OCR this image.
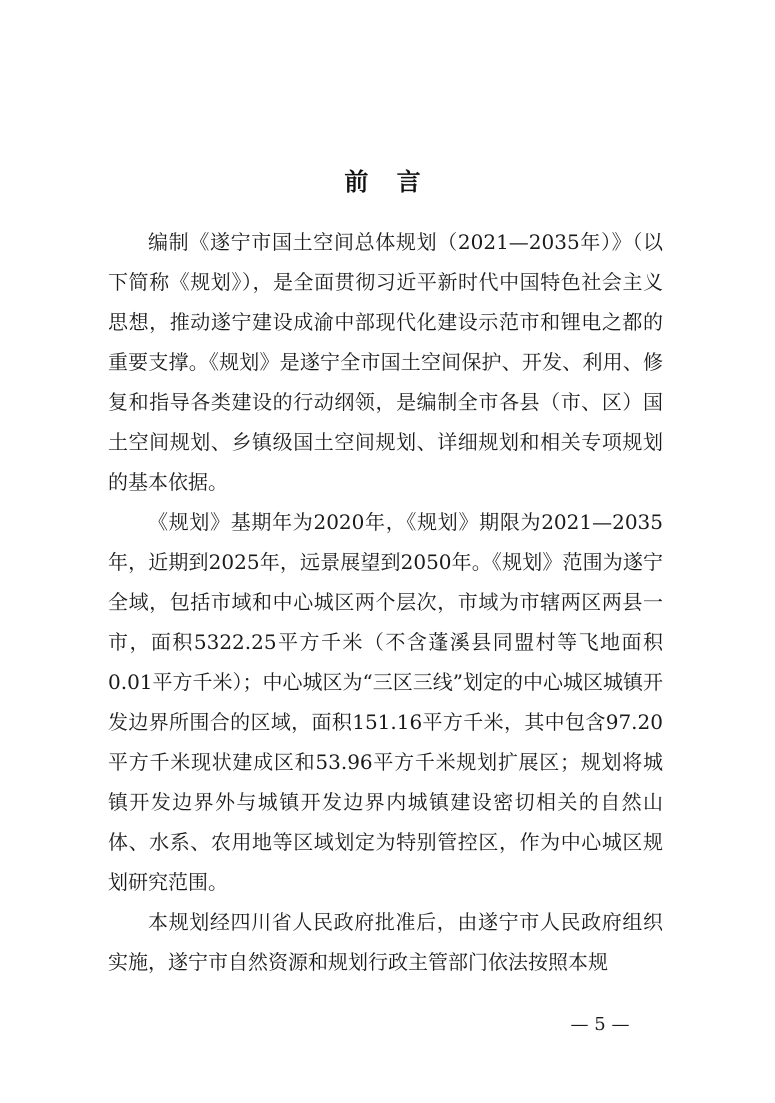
前 言

编制《遂宁市国土空间总体规划（2021—2035年）》（以下简称《规划》），是全面贯彻习近平新时代中国特色社会主义思想，推动遂宁建设成渝中部现代化建设示范市和锂电之都的重要支撑。《规划》是遂宁全市国土空间保护、开发、利用、修复和指导各类建设的行动纲领，是编制全市各县（市、区）国土空间规划、乡镇级国土空间规划、详细规划和相关专项规划的基本依据。

《规划》基期年为2020年，《规划》期限为2021—2035年，近期到2025年，远景展望到2050年。《规划》范围为遂宁全域，包括市域和中心城区两个层次，市域为市辖两区两县一市，面积5322.25平方千米（不含蓬溪县同盟村等飞地面积0.01平方千米）；中心城区为“三区三线”划定的中心城区城镇开发边界所围合的区域，面积151.16平方千米，其中包含97.20平方千米现状建成区和53.96平方千米规划扩展区；规划将城镇开发边界外与城镇开发边界内城镇建设密切相关的自然山体、水系、农用地等区域划定为特别管控区，作为中心城区规划研究范围。

本规划经四川省人民政府批准后，由遂宁市人民政府组织实施，遂宁市自然资源和规划行政主管部门依法按照本规

— 5 —
